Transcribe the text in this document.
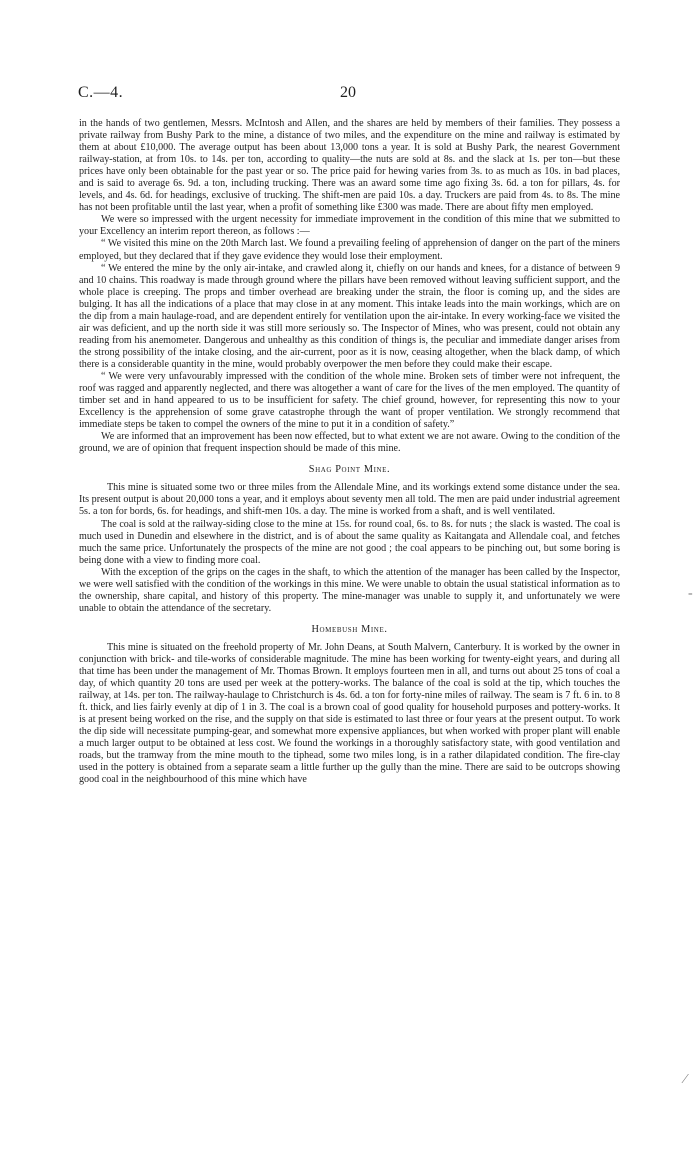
C.—4.	20

in the hands of two gentlemen, Messrs. McIntosh and Allen, and the shares are held by members of their families. They possess a private railway from Bushy Park to the mine, a distance of two miles, and the expenditure on the mine and railway is estimated by them at about £10,000. The average output has been about 13,000 tons a year. It is sold at Bushy Park, the nearest Government railway-station, at from 10s. to 14s. per ton, according to quality—the nuts are sold at 8s. and the slack at 1s. per ton—but these prices have only been obtainable for the past year or so. The price paid for hewing varies from 3s. to as much as 10s. in bad places, and is said to average 6s. 9d. a ton, including trucking. There was an award some time ago fixing 3s. 6d. a ton for pillars, 4s. for levels, and 4s. 6d. for headings, exclusive of trucking. The shift-men are paid 10s. a day. Truckers are paid from 4s. to 8s. The mine has not been profitable until the last year, when a profit of something like £300 was made. There are about fifty men employed.

We were so impressed with the urgent necessity for immediate improvement in the condition of this mine that we submitted to your Excellency an interim report thereon, as follows :—

“ We visited this mine on the 20th March last. We found a prevailing feeling of apprehension of danger on the part of the miners employed, but they declared that if they gave evidence they would lose their employment.

“ We entered the mine by the only air-intake, and crawled along it, chiefly on our hands and knees, for a distance of between 9 and 10 chains. This roadway is made through ground where the pillars have been removed without leaving sufficient support, and the whole place is creeping. The props and timber overhead are breaking under the strain, the floor is coming up, and the sides are bulging. It has all the indications of a place that may close in at any moment. This intake leads into the main workings, which are on the dip from a main haulage-road, and are dependent entirely for ventilation upon the air-intake. In every working-face we visited the air was deficient, and up the north side it was still more seriously so. The Inspector of Mines, who was present, could not obtain any reading from his anemometer. Dangerous and unhealthy as this condition of things is, the peculiar and immediate danger arises from the strong possibility of the intake closing, and the air-current, poor as it is now, ceasing altogether, when the black damp, of which there is a considerable quantity in the mine, would probably overpower the men before they could make their escape.

“ We were very unfavourably impressed with the condition of the whole mine. Broken sets of timber were not infrequent, the roof was ragged and apparently neglected, and there was altogether a want of care for the lives of the men employed. The quantity of timber set and in hand appeared to us to be insufficient for safety. The chief ground, however, for representing this now to your Excellency is the apprehension of some grave catastrophe through the want of proper ventilation. We strongly recommend that immediate steps be taken to compel the owners of the mine to put it in a condition of safety.”

We are informed that an improvement has been now effected, but to what extent we are not aware. Owing to the condition of the ground, we are of opinion that frequent inspection should be made of this mine.

Shag Point Mine.

This mine is situated some two or three miles from the Allendale Mine, and its workings extend some distance under the sea. Its present output is about 20,000 tons a year, and it employs about seventy men all told. The men are paid under industrial agreement 5s. a ton for bords, 6s. for headings, and shift-men 10s. a day. The mine is worked from a shaft, and is well ventilated.

The coal is sold at the railway-siding close to the mine at 15s. for round coal, 6s. to 8s. for nuts ; the slack is wasted. The coal is much used in Dunedin and elsewhere in the district, and is of about the same quality as Kaitangata and Allendale coal, and fetches much the same price. Unfortunately the prospects of the mine are not good ; the coal appears to be pinching out, but some boring is being done with a view to finding more coal.

With the exception of the grips on the cages in the shaft, to which the attention of the manager has been called by the Inspector, we were well satisfied with the condition of the workings in this mine. We were unable to obtain the usual statistical information as to the ownership, share capital, and history of this property. The mine-manager was unable to supply it, and unfortunately we were unable to obtain the attendance of the secretary.

Homebush Mine.

This mine is situated on the freehold property of Mr. John Deans, at South Malvern, Canterbury. It is worked by the owner in conjunction with brick- and tile-works of considerable magnitude. The mine has been working for twenty-eight years, and during all that time has been under the management of Mr. Thomas Brown. It employs fourteen men in all, and turns out about 25 tons of coal a day, of which quantity 20 tons are used per week at the pottery-works. The balance of the coal is sold at the tip, which touches the railway, at 14s. per ton. The railway-haulage to Christchurch is 4s. 6d. a ton for forty-nine miles of railway. The seam is 7 ft. 6 in. to 8 ft. thick, and lies fairly evenly at dip of 1 in 3. The coal is a brown coal of good quality for household purposes and pottery-works. It is at present being worked on the rise, and the supply on that side is estimated to last three or four years at the present output. To work the dip side will necessitate pumping-gear, and somewhat more expensive appliances, but when worked with proper plant will enable a much larger output to be obtained at less cost. We found the workings in a thoroughly satisfactory state, with good ventilation and roads, but the tramway from the mine mouth to the tiphead, some two miles long, is in a rather dilapidated condition. The fire-clay used in the pottery is obtained from a separate seam a little further up the gully than the mine. There are said to be outcrops showing good coal in the neighbourhood of this mine which have

‐
⁄
